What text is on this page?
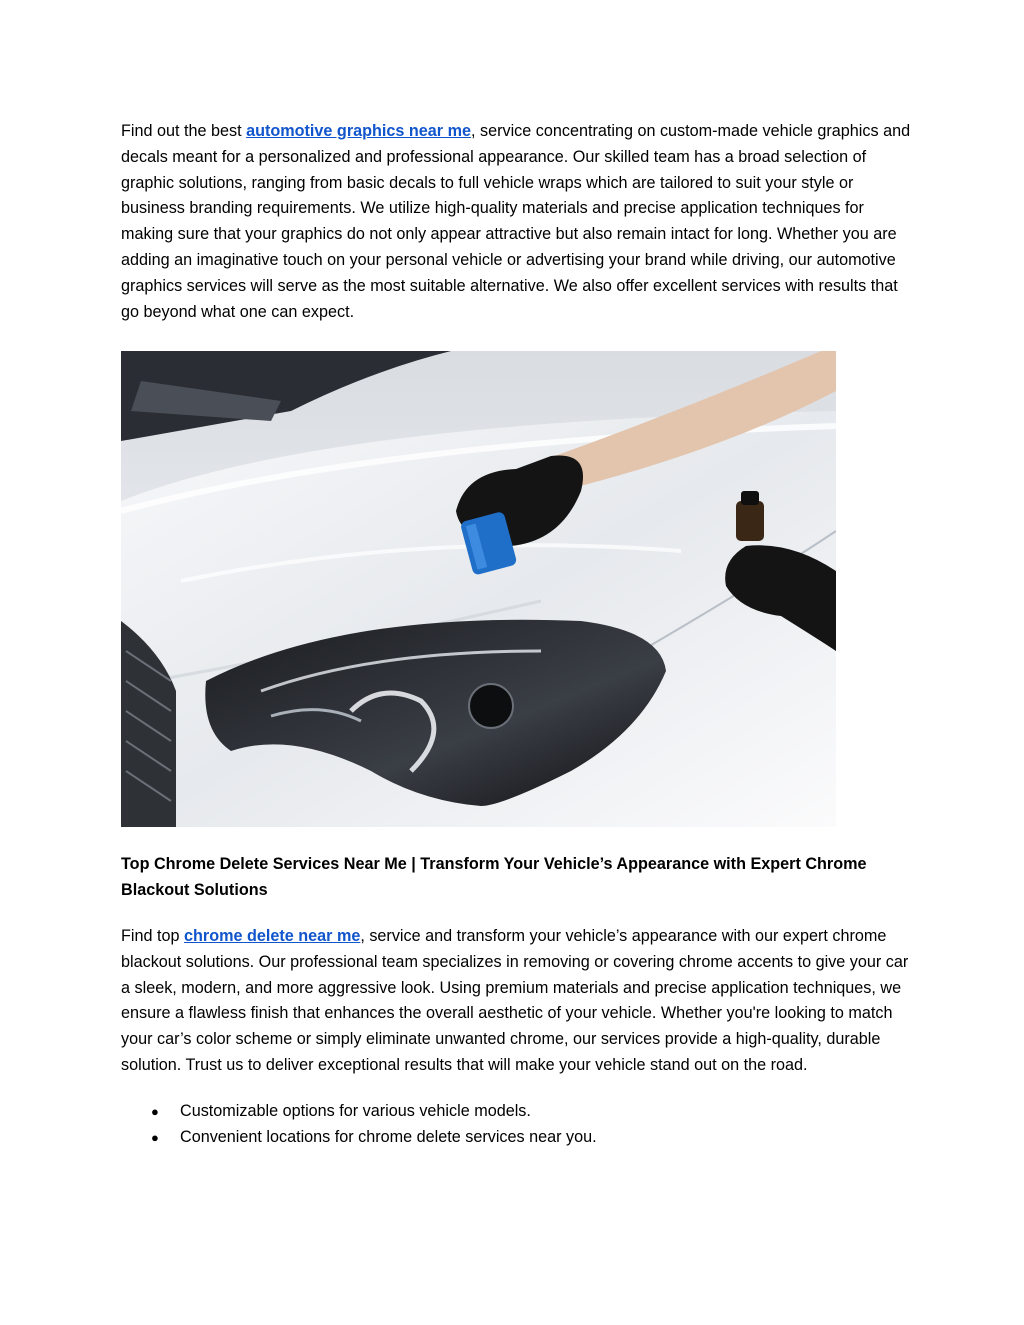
Find out the best automotive graphics near me, service concentrating on custom-made vehicle graphics and decals meant for a personalized and professional appearance. Our skilled team has a broad selection of graphic solutions, ranging from basic decals to full vehicle wraps which are tailored to suit your style or business branding requirements. We utilize high-quality materials and precise application techniques for making sure that your graphics do not only appear attractive but also remain intact for long. Whether you are adding an imaginative touch on your personal vehicle or advertising your brand while driving, our automotive graphics services will serve as the most suitable alternative. We also offer excellent services with results that go beyond what one can expect.

Top Chrome Delete Services Near Me | Transform Your Vehicle’s Appearance with Expert Chrome Blackout Solutions

Find top chrome delete near me, service and transform your vehicle’s appearance with our expert chrome blackout solutions. Our professional team specializes in removing or covering chrome accents to give your car a sleek, modern, and more aggressive look. Using premium materials and precise application techniques, we ensure a flawless finish that enhances the overall aesthetic of your vehicle. Whether you're looking to match your car’s color scheme or simply eliminate unwanted chrome, our services provide a high-quality, durable solution. Trust us to deliver exceptional results that will make your vehicle stand out on the road.

● Customizable options for various vehicle models.
● Convenient locations for chrome delete services near you.
